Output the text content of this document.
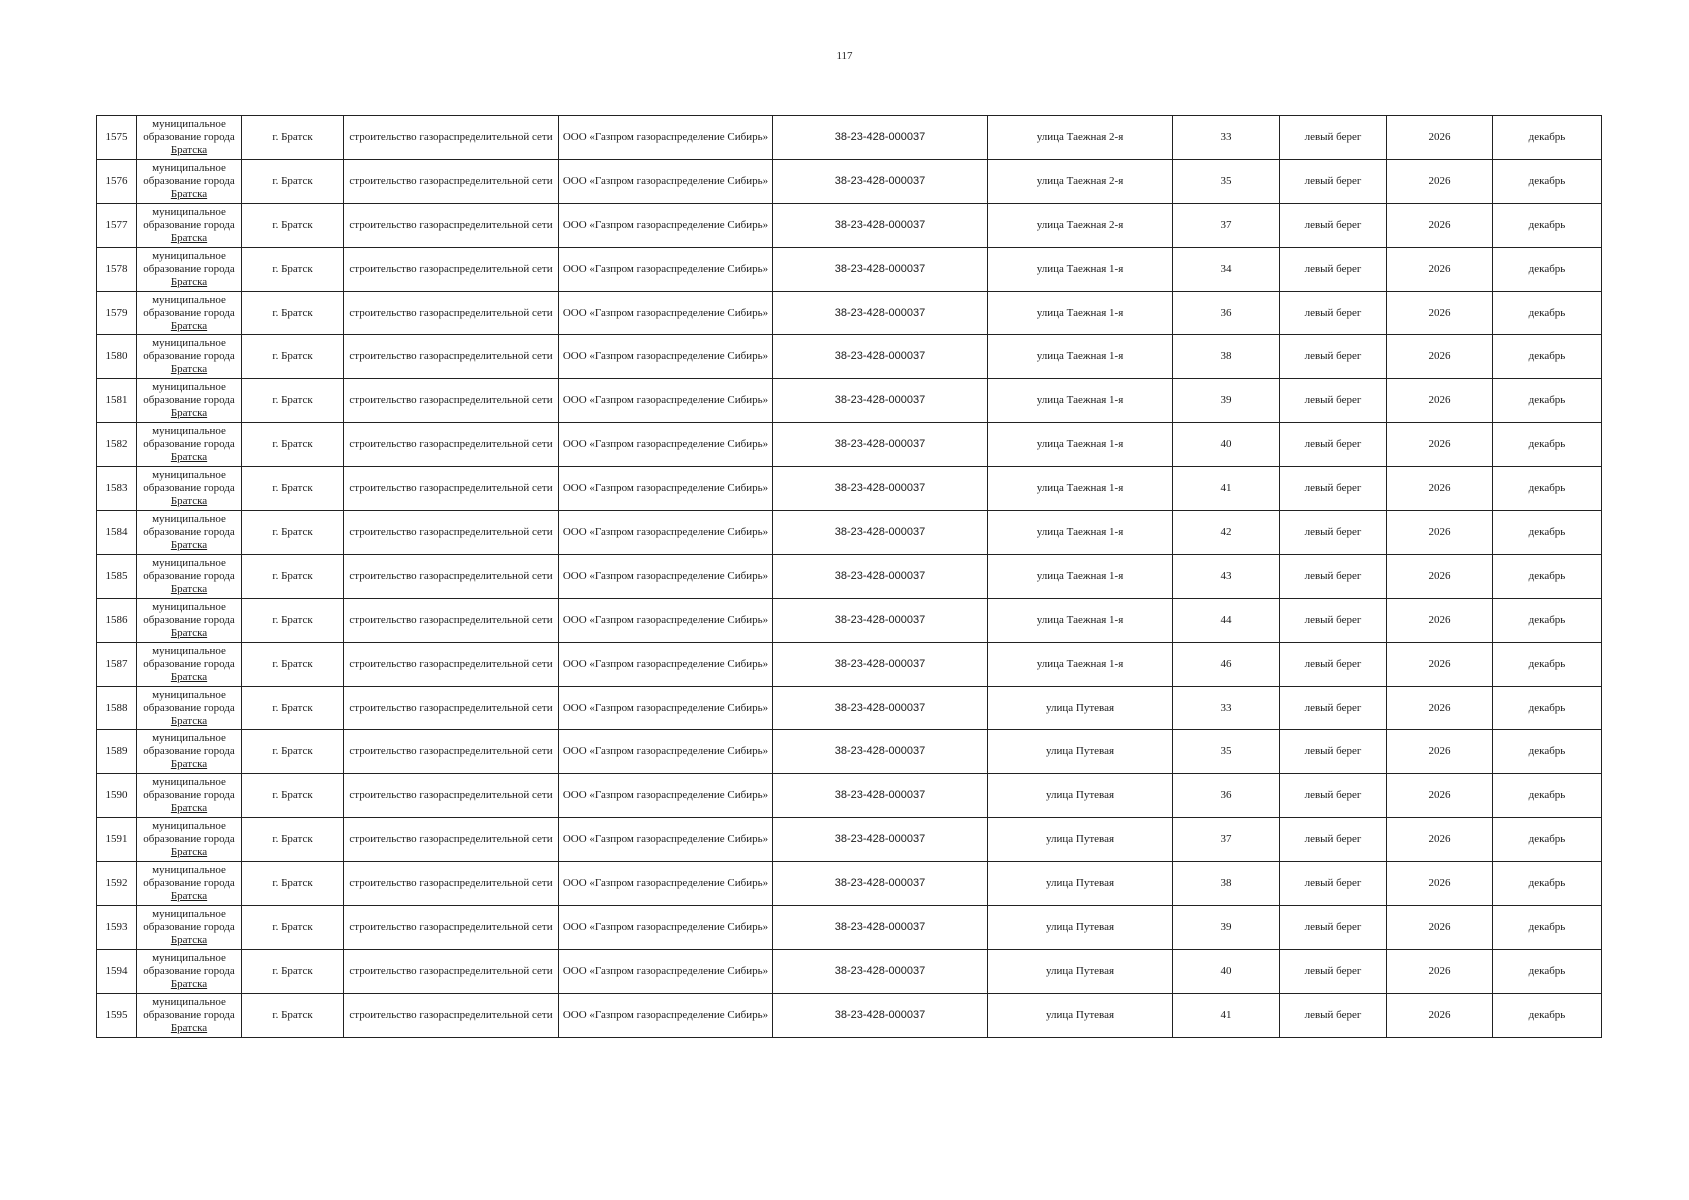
117
1575	муниципальное
образование города
Братска	г. Братск	строительство газораспределительной сети	ООО «Газпром газораспределение Сибирь»	38-23-428-000037	улица Таежная 2-я	33	левый берег	2026	декабрь
1576	муниципальное
образование города
Братска	г. Братск	строительство газораспределительной сети	ООО «Газпром газораспределение Сибирь»	38-23-428-000037	улица Таежная 2-я	35	левый берег	2026	декабрь
1577	муниципальное
образование города
Братска	г. Братск	строительство газораспределительной сети	ООО «Газпром газораспределение Сибирь»	38-23-428-000037	улица Таежная 2-я	37	левый берег	2026	декабрь
1578	муниципальное
образование города
Братска	г. Братск	строительство газораспределительной сети	ООО «Газпром газораспределение Сибирь»	38-23-428-000037	улица Таежная 1-я	34	левый берег	2026	декабрь
1579	муниципальное
образование города
Братска	г. Братск	строительство газораспределительной сети	ООО «Газпром газораспределение Сибирь»	38-23-428-000037	улица Таежная 1-я	36	левый берег	2026	декабрь
1580	муниципальное
образование города
Братска	г. Братск	строительство газораспределительной сети	ООО «Газпром газораспределение Сибирь»	38-23-428-000037	улица Таежная 1-я	38	левый берег	2026	декабрь
1581	муниципальное
образование города
Братска	г. Братск	строительство газораспределительной сети	ООО «Газпром газораспределение Сибирь»	38-23-428-000037	улица Таежная 1-я	39	левый берег	2026	декабрь
1582	муниципальное
образование города
Братска	г. Братск	строительство газораспределительной сети	ООО «Газпром газораспределение Сибирь»	38-23-428-000037	улица Таежная 1-я	40	левый берег	2026	декабрь
1583	муниципальное
образование города
Братска	г. Братск	строительство газораспределительной сети	ООО «Газпром газораспределение Сибирь»	38-23-428-000037	улица Таежная 1-я	41	левый берег	2026	декабрь
1584	муниципальное
образование города
Братска	г. Братск	строительство газораспределительной сети	ООО «Газпром газораспределение Сибирь»	38-23-428-000037	улица Таежная 1-я	42	левый берег	2026	декабрь
1585	муниципальное
образование города
Братска	г. Братск	строительство газораспределительной сети	ООО «Газпром газораспределение Сибирь»	38-23-428-000037	улица Таежная 1-я	43	левый берег	2026	декабрь
1586	муниципальное
образование города
Братска	г. Братск	строительство газораспределительной сети	ООО «Газпром газораспределение Сибирь»	38-23-428-000037	улица Таежная 1-я	44	левый берег	2026	декабрь
1587	муниципальное
образование города
Братска	г. Братск	строительство газораспределительной сети	ООО «Газпром газораспределение Сибирь»	38-23-428-000037	улица Таежная 1-я	46	левый берег	2026	декабрь
1588	муниципальное
образование города
Братска	г. Братск	строительство газораспределительной сети	ООО «Газпром газораспределение Сибирь»	38-23-428-000037	улица Путевая	33	левый берег	2026	декабрь
1589	муниципальное
образование города
Братска	г. Братск	строительство газораспределительной сети	ООО «Газпром газораспределение Сибирь»	38-23-428-000037	улица Путевая	35	левый берег	2026	декабрь
1590	муниципальное
образование города
Братска	г. Братск	строительство газораспределительной сети	ООО «Газпром газораспределение Сибирь»	38-23-428-000037	улица Путевая	36	левый берег	2026	декабрь
1591	муниципальное
образование города
Братска	г. Братск	строительство газораспределительной сети	ООО «Газпром газораспределение Сибирь»	38-23-428-000037	улица Путевая	37	левый берег	2026	декабрь
1592	муниципальное
образование города
Братска	г. Братск	строительство газораспределительной сети	ООО «Газпром газораспределение Сибирь»	38-23-428-000037	улица Путевая	38	левый берег	2026	декабрь
1593	муниципальное
образование города
Братска	г. Братск	строительство газораспределительной сети	ООО «Газпром газораспределение Сибирь»	38-23-428-000037	улица Путевая	39	левый берег	2026	декабрь
1594	муниципальное
образование города
Братска	г. Братск	строительство газораспределительной сети	ООО «Газпром газораспределение Сибирь»	38-23-428-000037	улица Путевая	40	левый берег	2026	декабрь
1595	муниципальное
образование города
Братска	г. Братск	строительство газораспределительной сети	ООО «Газпром газораспределение Сибирь»	38-23-428-000037	улица Путевая	41	левый берег	2026	декабрь
